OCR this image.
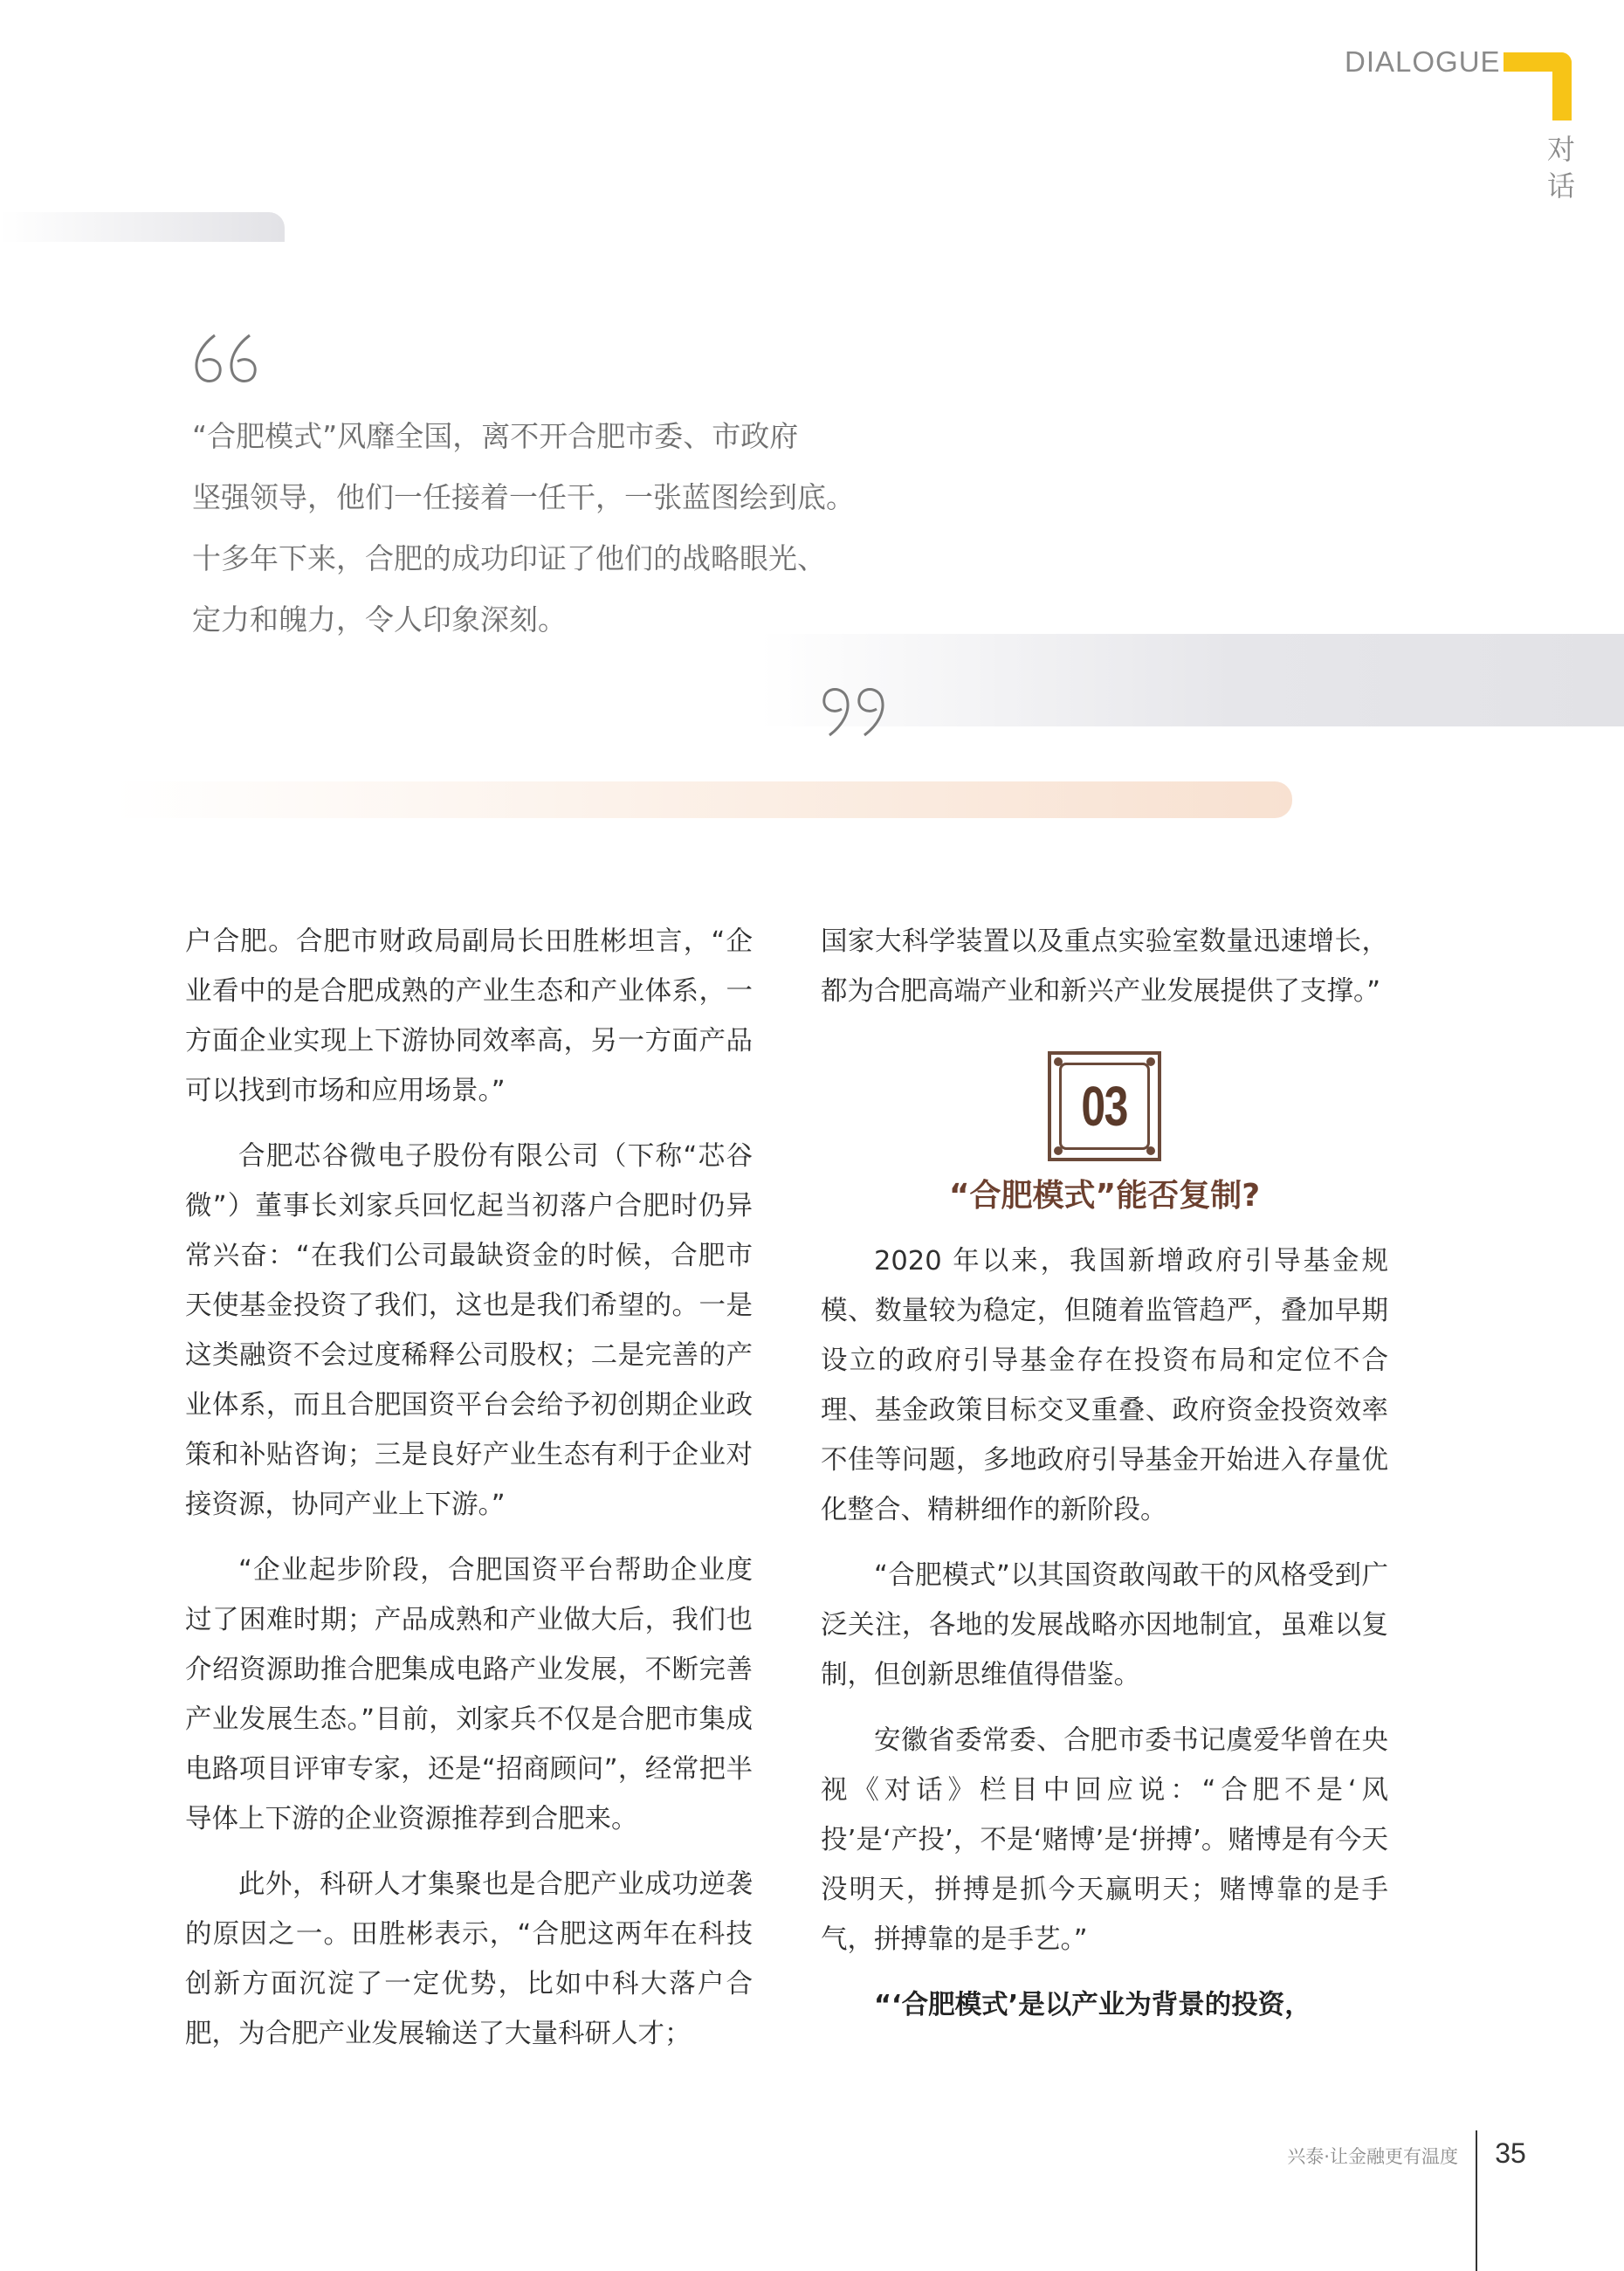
DIALOGUE
对
话
“合肥模式”风靡全国，离不开合肥市委、市政府
坚强领导，他们一任接着一任干，一张蓝图绘到底。
十多年下来，合肥的成功印证了他们的战略眼光、
定力和魄力，令人印象深刻。

户合肥。合肥市财政局副局长田胜彬坦言，“企业看中的是合肥成熟的产业生态和产业体系，一方面企业实现上下游协同效率高，另一方面产品可以找到市场和应用场景。”

合肥芯谷微电子股份有限公司（下称“芯谷微”）董事长刘家兵回忆起当初落户合肥时仍异常兴奋：“在我们公司最缺资金的时候，合肥市天使基金投资了我们，这也是我们希望的。一是这类融资不会过度稀释公司股权；二是完善的产业体系，而且合肥国资平台会给予初创期企业政策和补贴咨询；三是良好产业生态有利于企业对接资源，协同产业上下游。”

“企业起步阶段，合肥国资平台帮助企业度过了困难时期；产品成熟和产业做大后，我们也介绍资源助推合肥集成电路产业发展，不断完善产业发展生态。”目前，刘家兵不仅是合肥市集成电路项目评审专家，还是“招商顾问”，经常把半导体上下游的企业资源推荐到合肥来。

此外，科研人才集聚也是合肥产业成功逆袭的原因之一。田胜彬表示，“合肥这两年在科技创新方面沉淀了一定优势，比如中科大落户合肥，为合肥产业发展输送了大量科研人才；

国家大科学装置以及重点实验室数量迅速增长，都为合肥高端产业和新兴产业发展提供了支撑。”

03
“合肥模式”能否复制?

2020 年以来，我国新增政府引导基金规模、数量较为稳定，但随着监管趋严，叠加早期设立的政府引导基金存在投资布局和定位不合理、基金政策目标交叉重叠、政府资金投资效率不佳等问题，多地政府引导基金开始进入存量优化整合、精耕细作的新阶段。

“合肥模式”以其国资敢闯敢干的风格受到广泛关注，各地的发展战略亦因地制宜，虽难以复制，但创新思维值得借鉴。

安徽省委常委、合肥市委书记虞爱华曾在央视《对话》栏目中回应说：“合肥不是‘风投’是‘产投’，不是‘赌博’是‘拼搏’。赌博是有今天没明天，拼搏是抓今天赢明天；赌博靠的是手气，拼搏靠的是手艺。”

“‘合肥模式’是以产业为背景的投资，

兴泰·让金融更有温度	35
